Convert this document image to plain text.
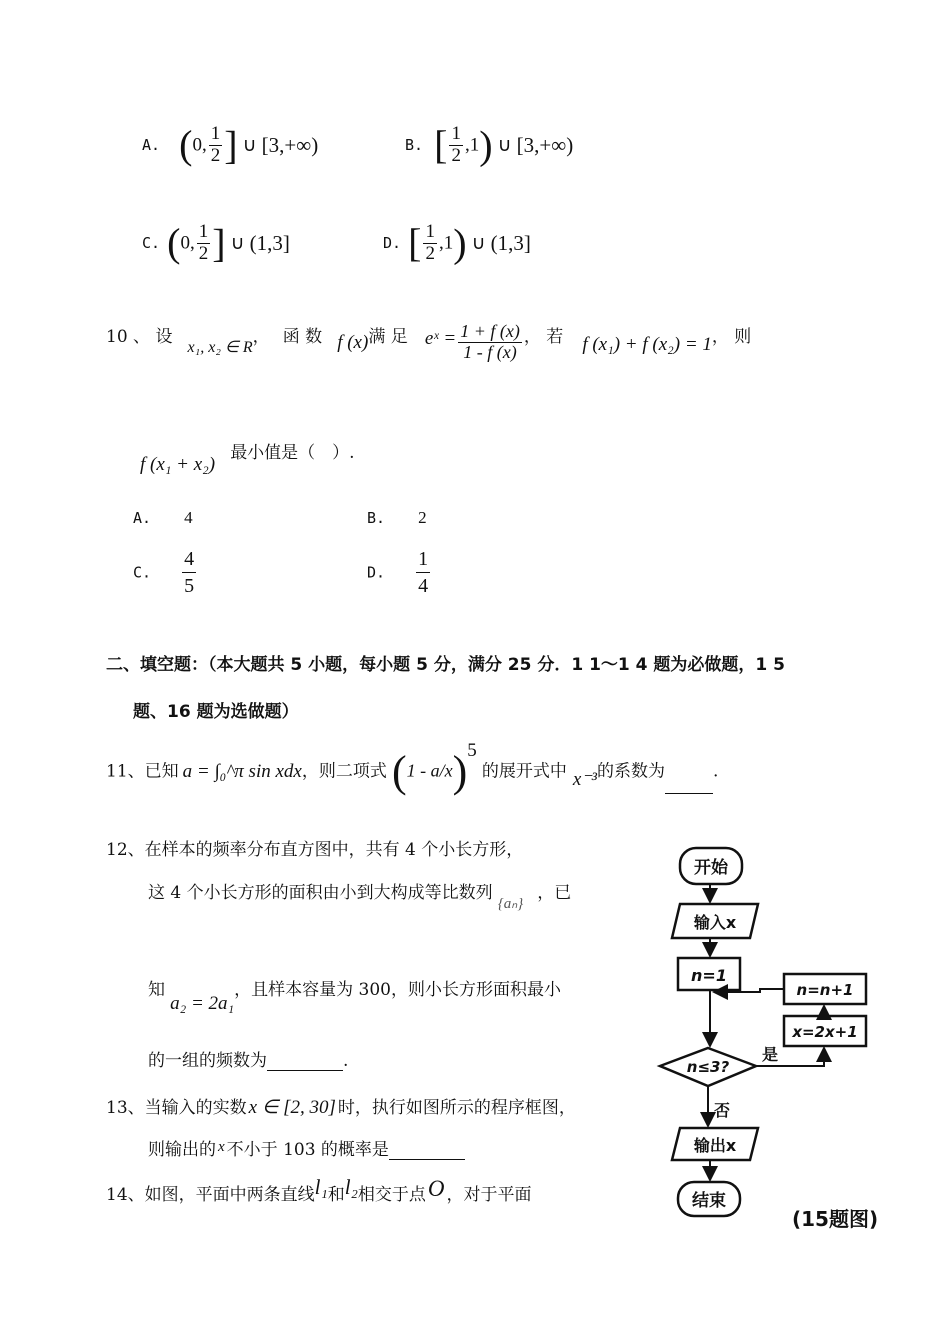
A. (0, $\frac{1}{2}$ ] ∪ [3,+∞)	B. [ $\frac{1}{2} ,1$) ∪ [3,+∞)
C. (0, $\frac{1}{2}$ ] ∪ (1,3]	D. [ $\frac{1}{2} ,1$) ∪ (1,3]
10 、 设 x₁, x₂ ∈ R， 函 数 f (x)满 足 eˣ = $\frac{1 + f (x)}{1 - f (x)}$ ， 若 f (x₁) + f (x₂) = 1， 则
f (x₁ + x₂) 最小值是（　）.
A. 4	B. 2
C. $\frac{4}{5}$	D. $\frac{1}{4}$
二、填空题：（本大题共 5 小题，每小题 5 分，满分 25 分．1 1～1 4 题为必做题，1 5
题、16 题为选做题）
11、已知 a = ∫₀^π sin xdx，则二项式 (1 - a/x)$^5$ 的展开式中 x⁻³的系数为	.
12、在样本的频率分布直方图中，共有 4 个小长方形，
这 4 个小长方形的面积由小到大构成等比数列 {aₙ}，已
知 a₂ = 2a₁，且样本容量为 300，则小长方形面积最小
的一组的频数为	.
13、当输入的实数 x ∈ [2, 30] 时，执行如图所示的程序框图，
则输出的 x 不小于 103 的概率是
14、如图，平面中两条直线l₁和l₂相交于点O ，对于平面
开始
输入x
n=1
n=n+1
x=2x+1
n≤3?
是
否
输出x
结束
(15题图)
